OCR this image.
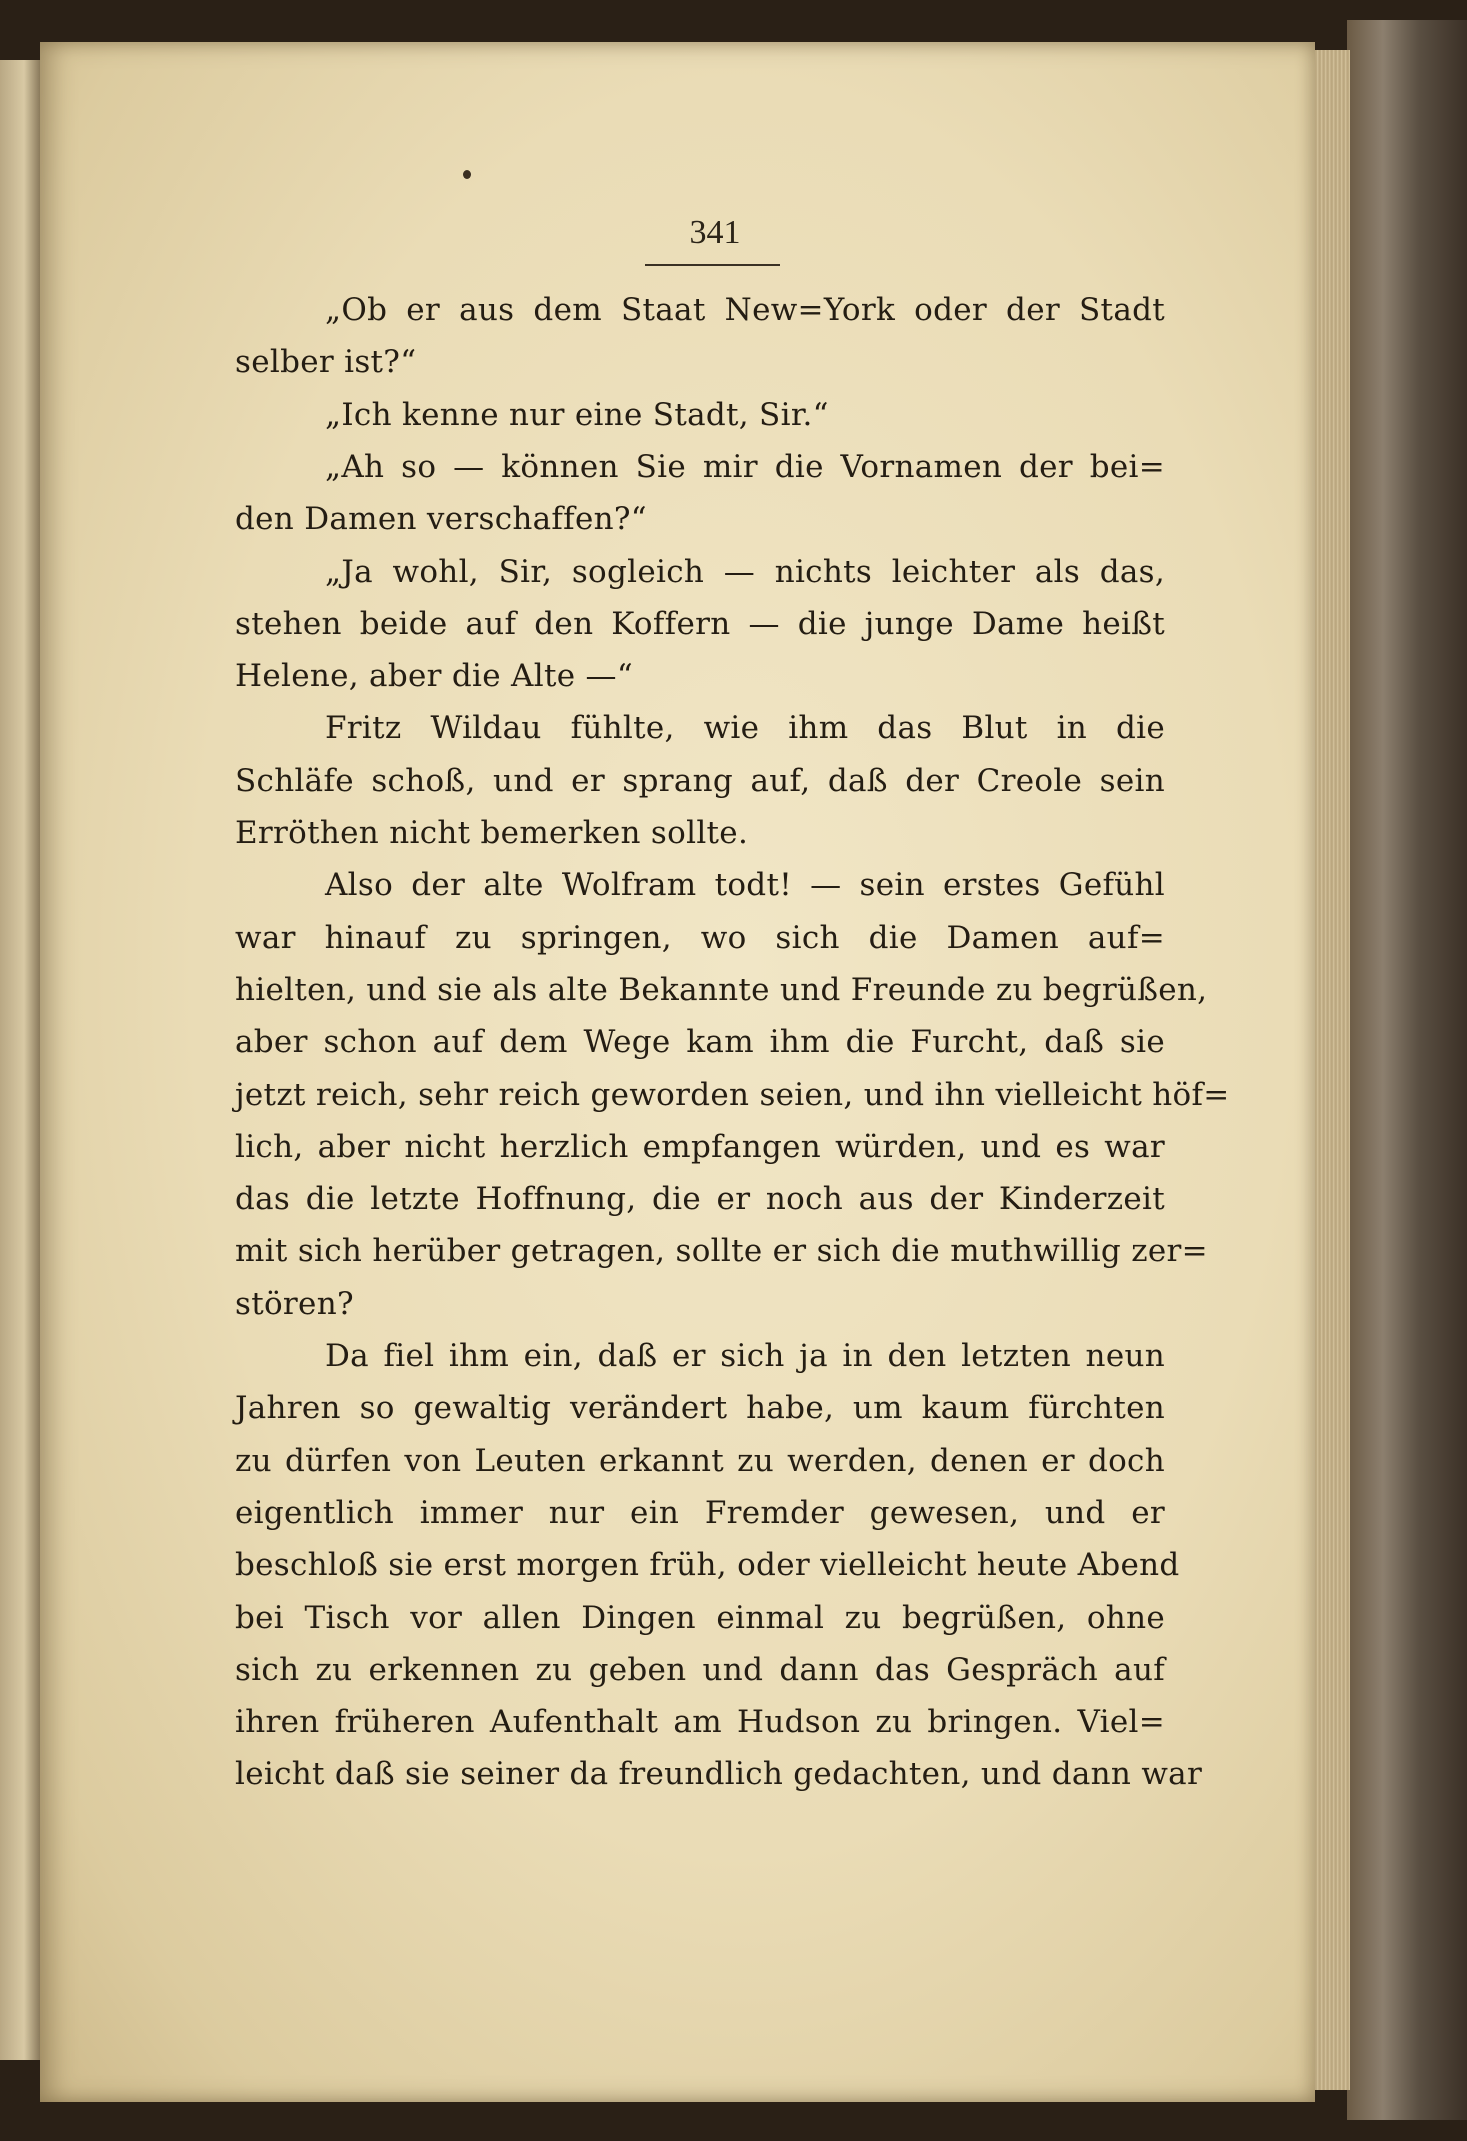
341
„Ob er aus dem Staat New=York oder der Stadt
selber ist?“
„Ich kenne nur eine Stadt, Sir.“
„Ah so — können Sie mir die Vornamen der bei=
den Damen verschaffen?“
„Ja wohl, Sir, sogleich — nichts leichter als das,
stehen beide auf den Koffern — die junge Dame heißt
Helene, aber die Alte —“
Fritz Wildau fühlte, wie ihm das Blut in die
Schläfe schoß, und er sprang auf, daß der Creole sein
Erröthen nicht bemerken sollte.
Also der alte Wolfram todt! — sein erstes Gefühl
war hinauf zu springen, wo sich die Damen auf=
hielten, und sie als alte Bekannte und Freunde zu begrüßen,
aber schon auf dem Wege kam ihm die Furcht, daß sie
jetzt reich, sehr reich geworden seien, und ihn vielleicht höf=
lich, aber nicht herzlich empfangen würden, und es war
das die letzte Hoffnung, die er noch aus der Kinderzeit
mit sich herüber getragen, sollte er sich die muthwillig zer=
stören?
Da fiel ihm ein, daß er sich ja in den letzten neun
Jahren so gewaltig verändert habe, um kaum fürchten
zu dürfen von Leuten erkannt zu werden, denen er doch
eigentlich immer nur ein Fremder gewesen, und er
beschloß sie erst morgen früh, oder vielleicht heute Abend
bei Tisch vor allen Dingen einmal zu begrüßen, ohne
sich zu erkennen zu geben und dann das Gespräch auf
ihren früheren Aufenthalt am Hudson zu bringen. Viel=
leicht daß sie seiner da freundlich gedachten, und dann war
